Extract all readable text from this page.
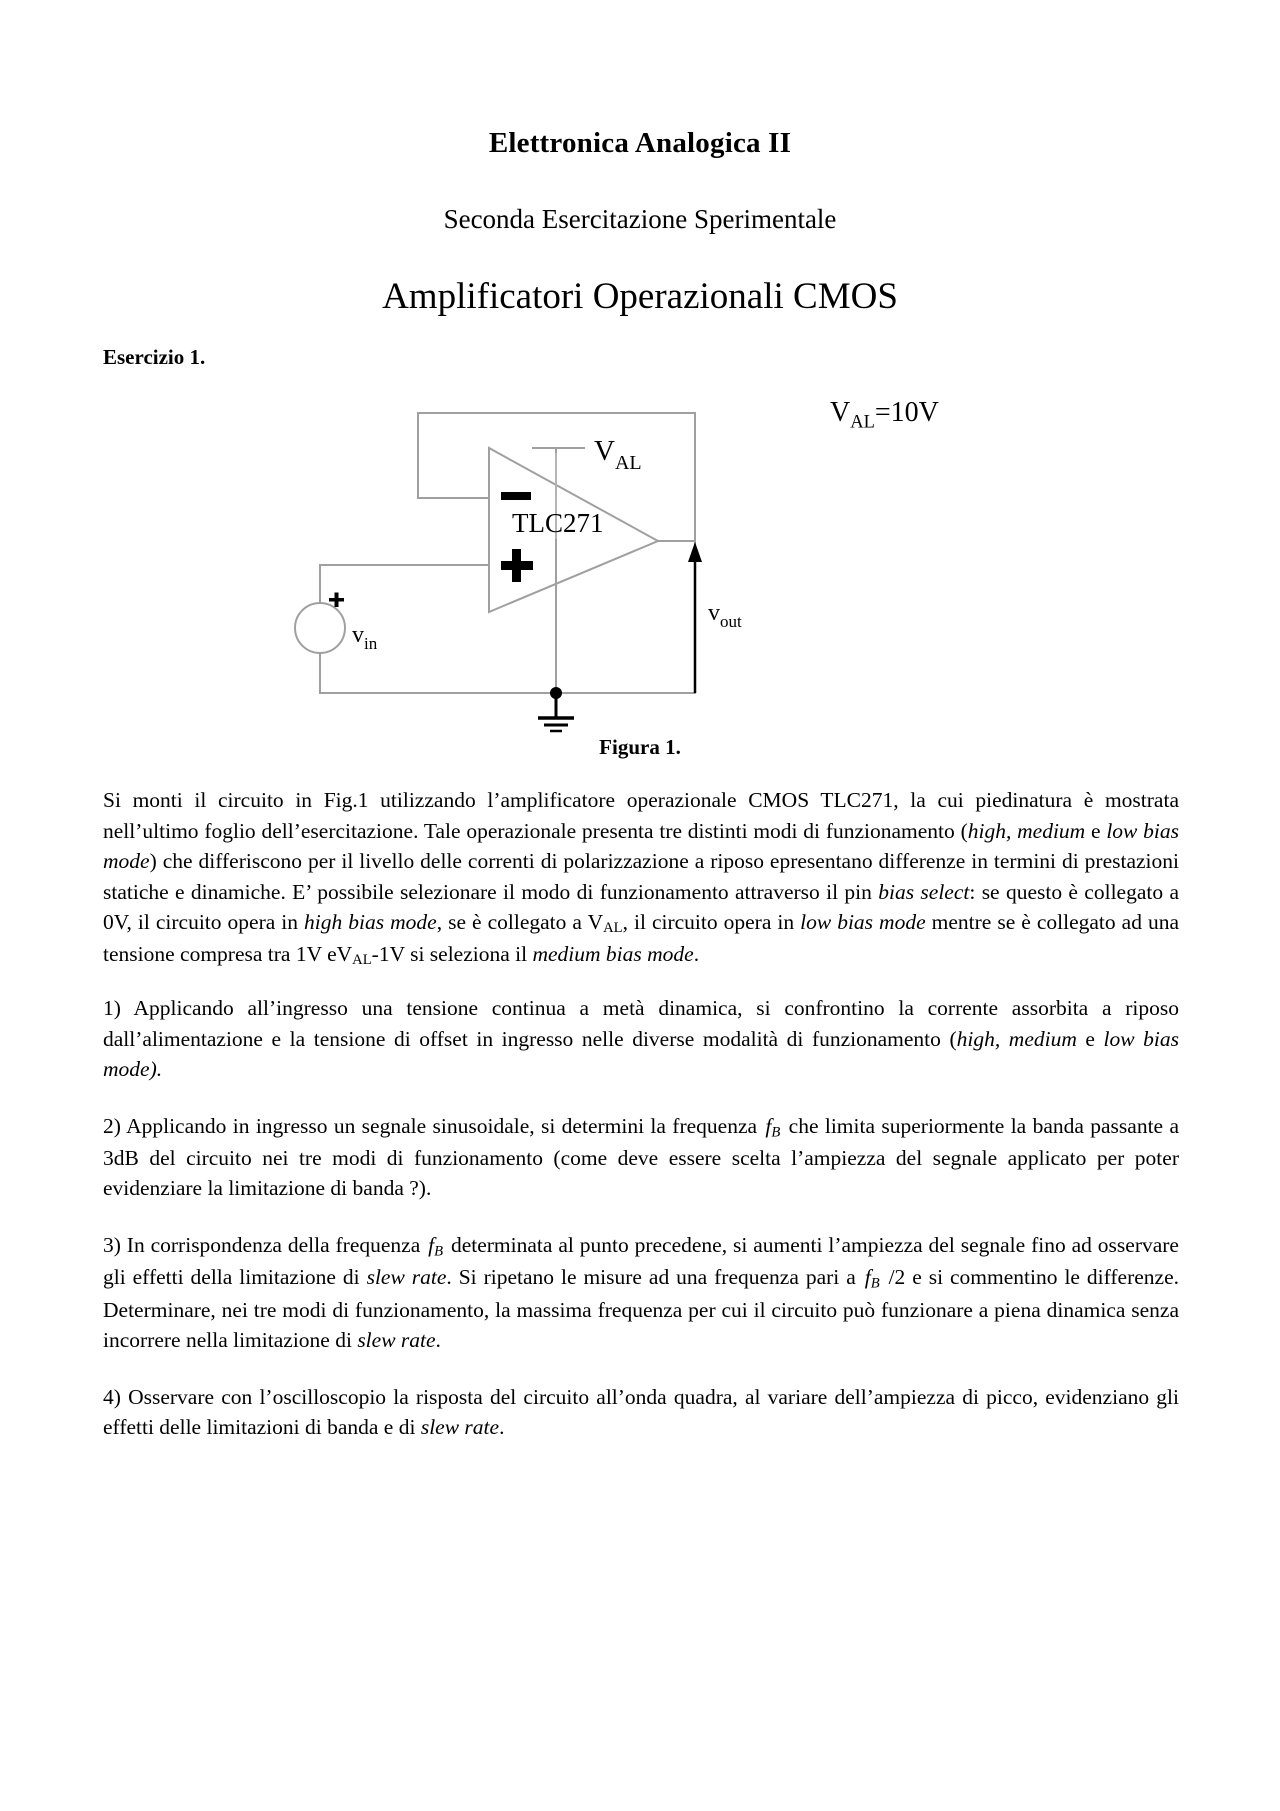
Elettronica Analogica II
Seconda Esercitazione Sperimentale
Amplificatori Operazionali CMOS
Esercizio 1.
$V_{AL}=10V$
$V_{AL}$
TLC271
$v_{in}$
$v_{out}$
Figura 1.

Si monti il circuito in Fig.1 utilizzando l’amplificatore operazionale CMOS TLC271, la cui piedinatura è mostrata nell’ultimo foglio dell’esercitazione. Tale operazionale presenta tre distinti modi di funzionamento (high, medium e low bias mode) che differiscono per il livello delle correnti di polarizzazione a riposo epresentano differenze in termini di prestazioni statiche e dinamiche. E’ possibile selezionare il modo di funzionamento attraverso il pin bias select: se questo è collegato a 0V, il circuito opera in high bias mode, se è collegato a $V_{AL}$, il circuito opera in low bias mode mentre se è collegato ad una tensione compresa tra 1V $eV_{AL}-1V$ si seleziona il medium bias mode.

1) Applicando all’ingresso una tensione continua a metà dinamica, si confrontino la corrente assorbita a riposo dall’alimentazione e la tensione di offset in ingresso nelle diverse modalità di funzionamento (high, medium e low bias mode).

2) Applicando in ingresso un segnale sinusoidale, si determini la frequenza $f_B$ che limita superiormente la banda passante a 3dB del circuito nei tre modi di funzionamento (come deve essere scelta l’ampiezza del segnale applicato per poter evidenziare la limitazione di banda ?).

3) In corrispondenza della frequenza $f_B$ determinata al punto precedene, si aumenti l’ampiezza del segnale fino ad osservare gli effetti della limitazione di slew rate. Si ripetano le misure ad una frequenza pari a $f_B$ /2 e si commentino le differenze. Determinare, nei tre modi di funzionamento, la massima frequenza per cui il circuito può funzionare a piena dinamica senza incorrere nella limitazione di slew rate.

4) Osservare con l’oscilloscopio la risposta del circuito all’onda quadra, al variare dell’ampiezza di picco, evidenziano gli effetti delle limitazioni di banda e di slew rate.
